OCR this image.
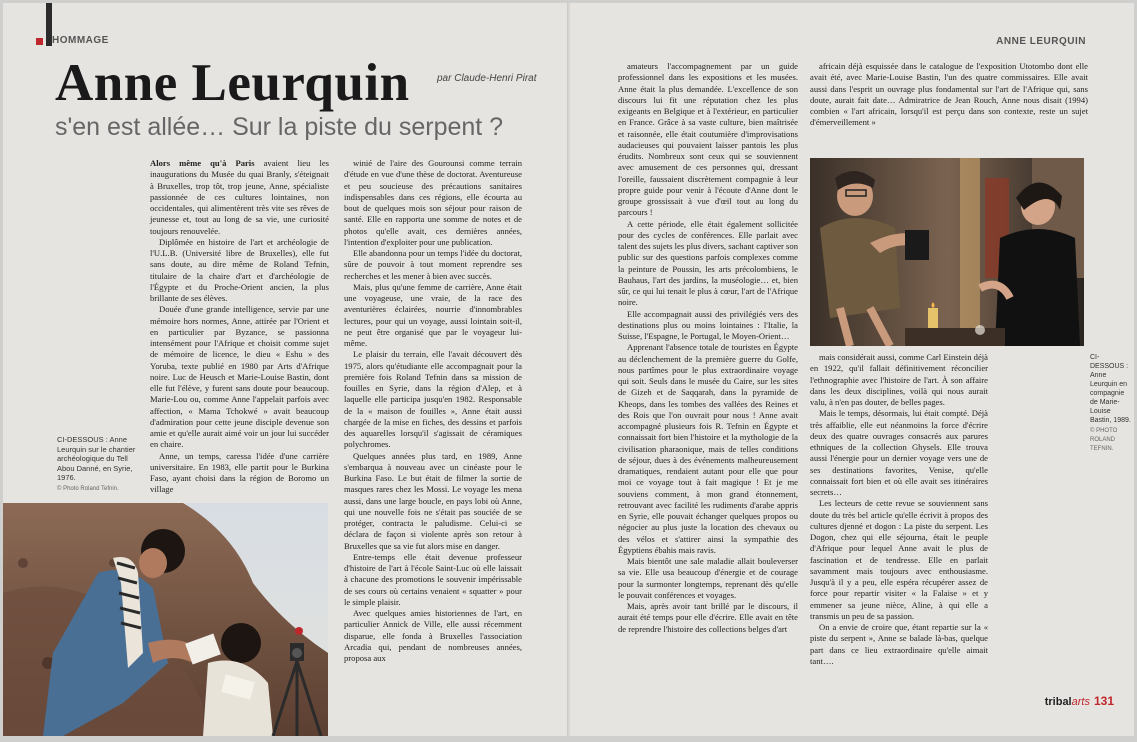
HOMMAGE
Anne Leurquin	par Claude-Henri Pirat
s'en est allée… Sur la piste du serpent ?

Alors même qu'à Paris avaient lieu les inaugurations du Musée du quai Branly, s'éteignait à Bruxelles, trop tôt, trop jeune, Anne, spécialiste passionnée de ces cultures lointaines, non occidentales, qui alimentèrent très vite ses rêves de jeunesse et, tout au long de sa vie, une curiosité toujours renouvelée.

Diplômée en histoire de l'art et archéologie de l'U.L.B. (Université libre de Bruxelles), elle fut sans doute, au dire même de Roland Tefnin, titulaire de la chaire d'art et d'archéologie de l'Égypte et du Proche-Orient ancien, la plus brillante de ses élèves.

Douée d'une grande intelligence, servie par une mémoire hors normes, Anne, attirée par l'Orient et en particulier par Byzance, se passionna intensément pour l'Afrique et choisit comme sujet de mémoire de licence, le dieu « Eshu » des Yoruba, texte publié en 1980 par Arts d'Afrique noire. Luc de Heusch et Marie-Louise Bastin, dont elle fut l'élève, y furent sans doute pour beaucoup. Marie-Lou ou, comme Anne l'appelait parfois avec affection, « Mama Tchokwé » avait beaucoup d'admiration pour cette jeune disciple devenue son amie et qu'elle aurait aimé voir un jour lui succéder en chaire.

Anne, un temps, caressa l'idée d'une carrière universitaire. En 1983, elle partit pour le Burkina Faso, ayant choisi dans la région de Boromo un village

winié de l'aire des Gourounsi comme terrain d'étude en vue d'une thèse de doctorat. Aventureuse et peu soucieuse des précautions sanitaires indispensables dans ces régions, elle écourta au bout de quelques mois son séjour pour raison de santé. Elle en rapporta une somme de notes et de photos qu'elle avait, ces dernières années, l'intention d'exploiter pour une publication.

Elle abandonna pour un temps l'idée du doctorat, sûre de pouvoir à tout moment reprendre ses recherches et les mener à bien avec succès.

Mais, plus qu'une femme de carrière, Anne était une voyageuse, une vraie, de la race des aventurières éclairées, nourrie d'innombrables lectures, pour qui un voyage, aussi lointain soit-il, ne peut être organisé que par le voyageur lui-même.

Le plaisir du terrain, elle l'avait découvert dès 1975, alors qu'étudiante elle accompagnait pour la première fois Roland Tefnin dans sa mission de fouilles en Syrie, dans la région d'Alep, et à laquelle elle participa jusqu'en 1982. Responsable de la « maison de fouilles », Anne était aussi chargée de la mise en fiches, des dessins et parfois des aquarelles lorsqu'il s'agissait de céramiques polychromes.

Quelques années plus tard, en 1989, Anne s'embarqua à nouveau avec un cinéaste pour le Burkina Faso. Le but était de filmer la sortie de masques rares chez les Mossi. Le voyage les mena aussi, dans une large boucle, en pays lobi où Anne, qui une nouvelle fois ne s'était pas souciée de se protéger, contracta le paludisme. Celui-ci se déclara de façon si violente après son retour à Bruxelles que sa vie fut alors mise en danger.

Entre-temps elle était devenue professeur d'histoire de l'art à l'école Saint-Luc où elle laissait à chacune des promotions le souvenir impérissable de ses cours où certains venaient « squatter » pour le simple plaisir.

Avec quelques amies historiennes de l'art, en particulier Annick de Ville, elle aussi récemment disparue, elle fonda à Bruxelles l'association Arcadia qui, pendant de nombreuses années, proposa aux

CI-DESSOUS : Anne Leurquin sur le chantier archéologique du Tell Abou Danné, en Syrie, 1976.
© Photo Roland Tefnin.
ANNE LEURQUIN

amateurs l'accompagnement par un guide professionnel dans les expositions et les musées. Anne était la plus demandée. L'excellence de son discours lui fit une réputation chez les plus exigeants en Belgique et à l'extérieur, en particulier en France. Grâce à sa vaste culture, bien maîtrisée et raisonnée, elle était coutumière d'improvisations audacieuses qui pouvaient laisser pantois les plus érudits. Nombreux sont ceux qui se souviennent avec amusement de ces personnes qui, dressant l'oreille, faussaient discrètement compagnie à leur propre guide pour venir à l'écoute d'Anne dont le groupe grossissait à vue d'œil tout au long du parcours !

A cette période, elle était également sollicitée pour des cycles de conférences. Elle parlait avec talent des sujets les plus divers, sachant captiver son public sur des questions parfois complexes comme la peinture de Poussin, les arts précolombiens, le Bauhaus, l'art des jardins, la muséologie… et, bien sûr, ce qui lui tenait le plus à cœur, l'art de l'Afrique noire.

Elle accompagnait aussi des privilégiés vers des destinations plus ou moins lointaines : l'Italie, la Suisse, l'Espagne, le Portugal, le Moyen-Orient…

Apprenant l'absence totale de touristes en Égypte au déclenchement de la première guerre du Golfe, nous partîmes pour le plus extraordinaire voyage qui soit. Seuls dans le musée du Caire, sur les sites de Gizeh et de Saqqarah, dans la pyramide de Kheops, dans les tombes des vallées des Reines et des Rois que l'on ouvrait pour nous ! Anne avait accompagné plusieurs fois R. Tefnin en Égypte et connaissait fort bien l'histoire et la mythologie de la civilisation pharaonique, mais de telles conditions de séjour, dues à des événements malheureusement dramatiques, rendaient autant pour elle que pour moi ce voyage tout à fait magique ! Et je me souviens comment, à mon grand étonnement, retrouvant avec facilité les rudiments d'arabe appris en Syrie, elle pouvait échanger quelques propos ou négocier au plus juste la location des chevaux ou des vélos et s'attirer ainsi la sympathie des Égyptiens ébahis mais ravis.

Mais bientôt une sale maladie allait bouleverser sa vie. Elle usa beaucoup d'énergie et de courage pour la surmonter longtemps, reprenant dès qu'elle le pouvait conférences et voyages.

Mais, après avoir tant brillé par le discours, il aurait été temps pour elle d'écrire. Elle avait en tête de reprendre l'histoire des collections belges d'art

africain déjà esquissée dans le catalogue de l'exposition Utotombo dont elle avait été, avec Marie-Louise Bastin, l'un des quatre commissaires. Elle avait aussi dans l'esprit un ouvrage plus fondamental sur l'art de l'Afrique qui, sans doute, aurait fait date… Admiratrice de Jean Rouch, Anne nous disait (1994) combien « l'art africain, lorsqu'il est perçu dans son contexte, reste un sujet d'émerveillement »

CI-DESSOUS : Anne Leurquin en compagnie de Marie-Louise Bastin, 1989.
© PHOTO ROLAND TEFNIN.

mais considérait aussi, comme Carl Einstein déjà en 1922, qu'il fallait définitivement réconcilier l'ethnographie avec l'histoire de l'art. À son affaire dans les deux disciplines, voilà qui nous aurait valu, à n'en pas douter, de belles pages.

Mais le temps, désormais, lui était compté. Déjà très affaiblie, elle eut néanmoins la force d'écrire deux des quatre ouvrages consacrés aux parures ethniques de la collection Ghysels. Elle trouva aussi l'énergie pour un dernier voyage vers une de ses destinations favorites, Venise, qu'elle connaissait fort bien et où elle avait ses itinéraires secrets…

Les lecteurs de cette revue se souviennent sans doute du très bel article qu'elle écrivit à propos des cultures djenné et dogon : La piste du serpent. Les Dogon, chez qui elle séjourna, était le peuple d'Afrique pour lequel Anne avait le plus de fascination et de tendresse. Elle en parlait savamment mais toujours avec enthousiasme. Jusqu'à il y a peu, elle espéra récupérer assez de force pour repartir visiter « la Falaise » et y emmener sa jeune nièce, Aline, à qui elle a transmis un peu de sa passion.

On a envie de croire que, étant repartie sur la « piste du serpent », Anne se balade là-bas, quelque part dans ce lieu extraordinaire qu'elle aimait tant….

tribalarts 131
